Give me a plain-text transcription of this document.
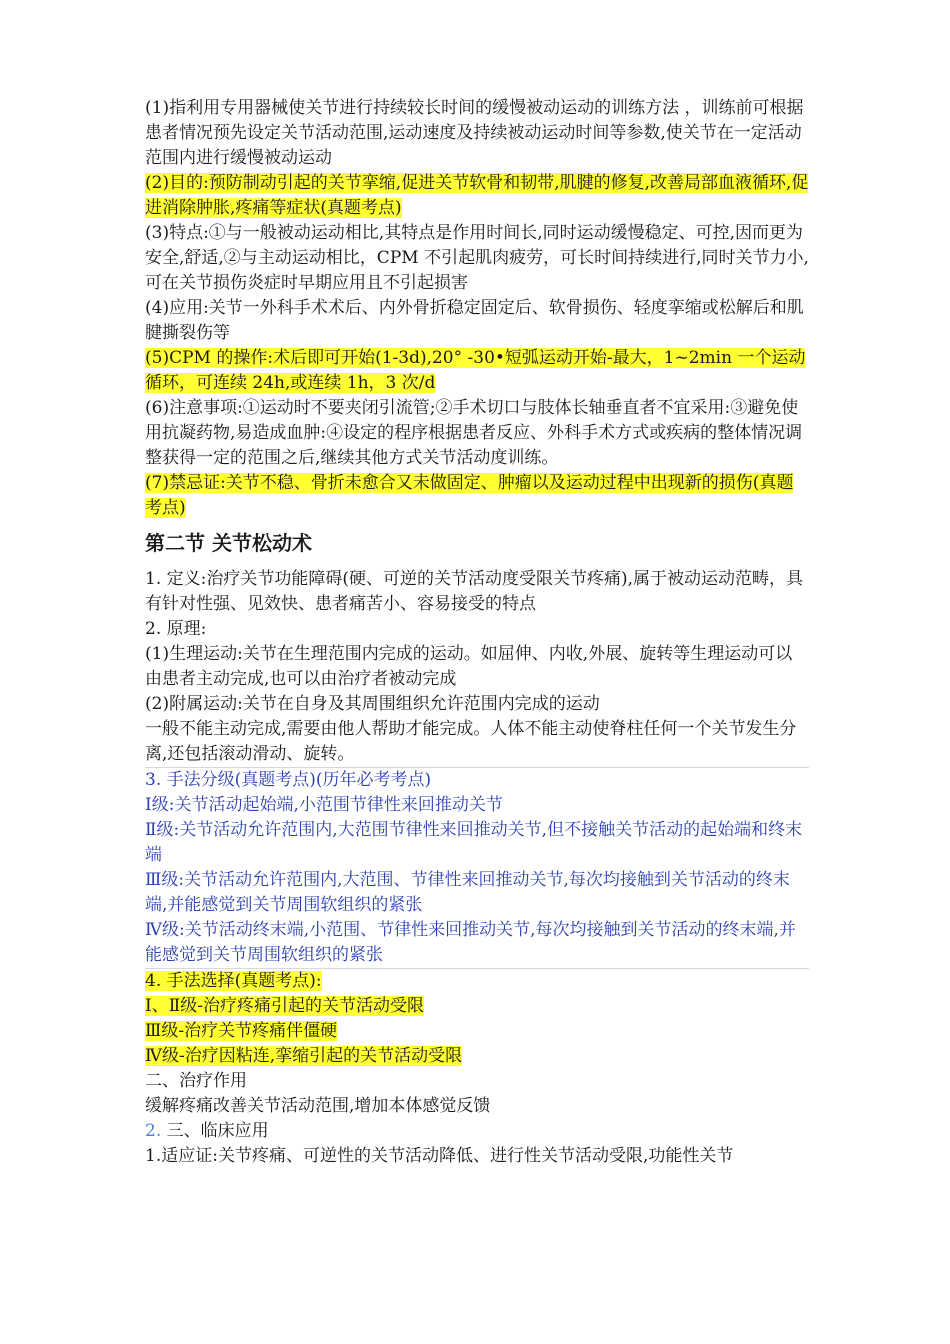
(1)指利用专用器械使关节进行持续较长时间的缓慢被动运动的训练方法 ，训练前可根据患者情况预先设定关节活动范围,运动速度及持续被动运动时间等参数,使关节在一定活动范围内进行缓慢被动运动

(2)目的:预防制动引起的关节挛缩,促进关节软骨和韧带,肌腱的修复,改善局部血液循环,促进消除肿胀,疼痛等症状(真题考点)

(3)特点:①与一般被动运动相比,其特点是作用时间长,同时运动缓慢稳定、可控,因而更为安全,舒适,②与主动运动相比，CPM 不引起肌肉疲劳，可长时间持续进行,同时关节力小,可在关节损伤炎症时早期应用且不引起损害

(4)应用:关节一外科手术术后、内外骨折稳定固定后、软骨损伤、轻度挛缩或松解后和肌腱撕裂伤等

(5)CPM 的操作:术后即可开始(1-3d),20° -30•短弧运动开始-最大，1~2min 一个运动循环，可连续 24h,或连续 1h，3 次/d

(6)注意事项:①运动时不要夹闭引流管;②手术切口与肢体长轴垂直者不宜采用:③避免使用抗凝药物,易造成血肿:④设定的程序根据患者反应、外科手术方式或疾病的整体情况调整获得一定的范围之后,继续其他方式关节活动度训练。

(7)禁忌证:关节不稳、骨折未愈合又未做固定、肿瘤以及运动过程中出现新的损伤(真题考点)

第二节 关节松动术

1. 定义:治疗关节功能障碍(硬、可逆的关节活动度受限关节疼痛),属于被动运动范畴，具有针对性强、见效快、患者痛苦小、容易接受的特点

2. 原理:

(1)生理运动:关节在生理范围内完成的运动。如屈伸、内收,外展、旋转等生理运动可以

由患者主动完成,也可以由治疗者被动完成

(2)附属运动:关节在自身及其周围组织允许范围内完成的运动

一般不能主动完成,需要由他人帮助才能完成。人体不能主动使脊柱任何一个关节发生分离,还包括滚动滑动、旋转。

3. 手法分级(真题考点)(历年必考考点)

Ⅰ级:关节活动起始端,小范围节律性来回推动关节

Ⅱ级:关节活动允许范围内,大范围节律性来回推动关节,但不接触关节活动的起始端和终末端

Ⅲ级:关节活动允许范围内,大范围、节律性来回推动关节,每次均接触到关节活动的终末端,并能感觉到关节周围软组织的紧张

Ⅳ级:关节活动终末端,小范围、节律性来回推动关节,每次均接触到关节活动的终末端,并能感觉到关节周围软组织的紧张

4. 手法选择(真题考点):

Ⅰ、Ⅱ级-治疗疼痛引起的关节活动受限

Ⅲ级-治疗关节疼痛伴僵硬

Ⅳ级-治疗因粘连,挛缩引起的关节活动受限

二、治疗作用

缓解疼痛改善关节活动范围,增加本体感觉反馈

2. 三、临床应用

1.适应证:关节疼痛、可逆性的关节活动降低、进行性关节活动受限,功能性关节
